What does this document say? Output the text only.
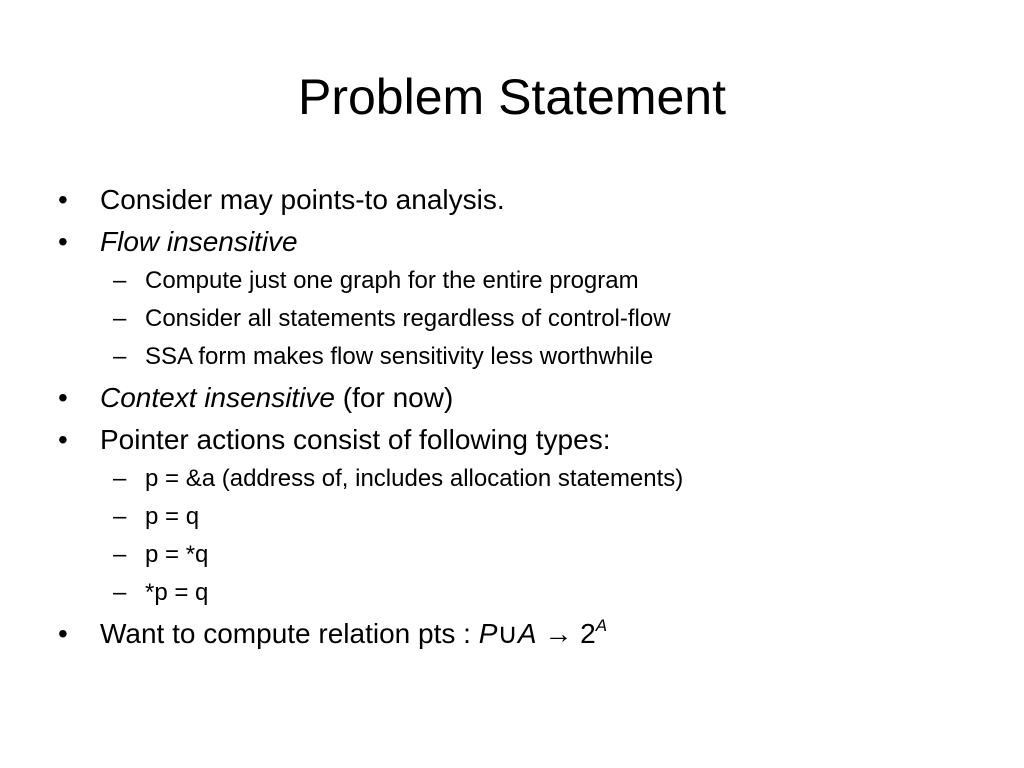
Problem Statement
• Consider may points-to analysis.
• Flow insensitive
– Compute just one graph for the entire program
– Consider all statements regardless of control-flow
– SSA form makes flow sensitivity less worthwhile
• Context insensitive (for now)
• Pointer actions consist of following types:
– p = &a (address of, includes allocation statements)
– p = q
– p = *q
– *p = q
• Want to compute relation pts : P∪A → $2^A$
